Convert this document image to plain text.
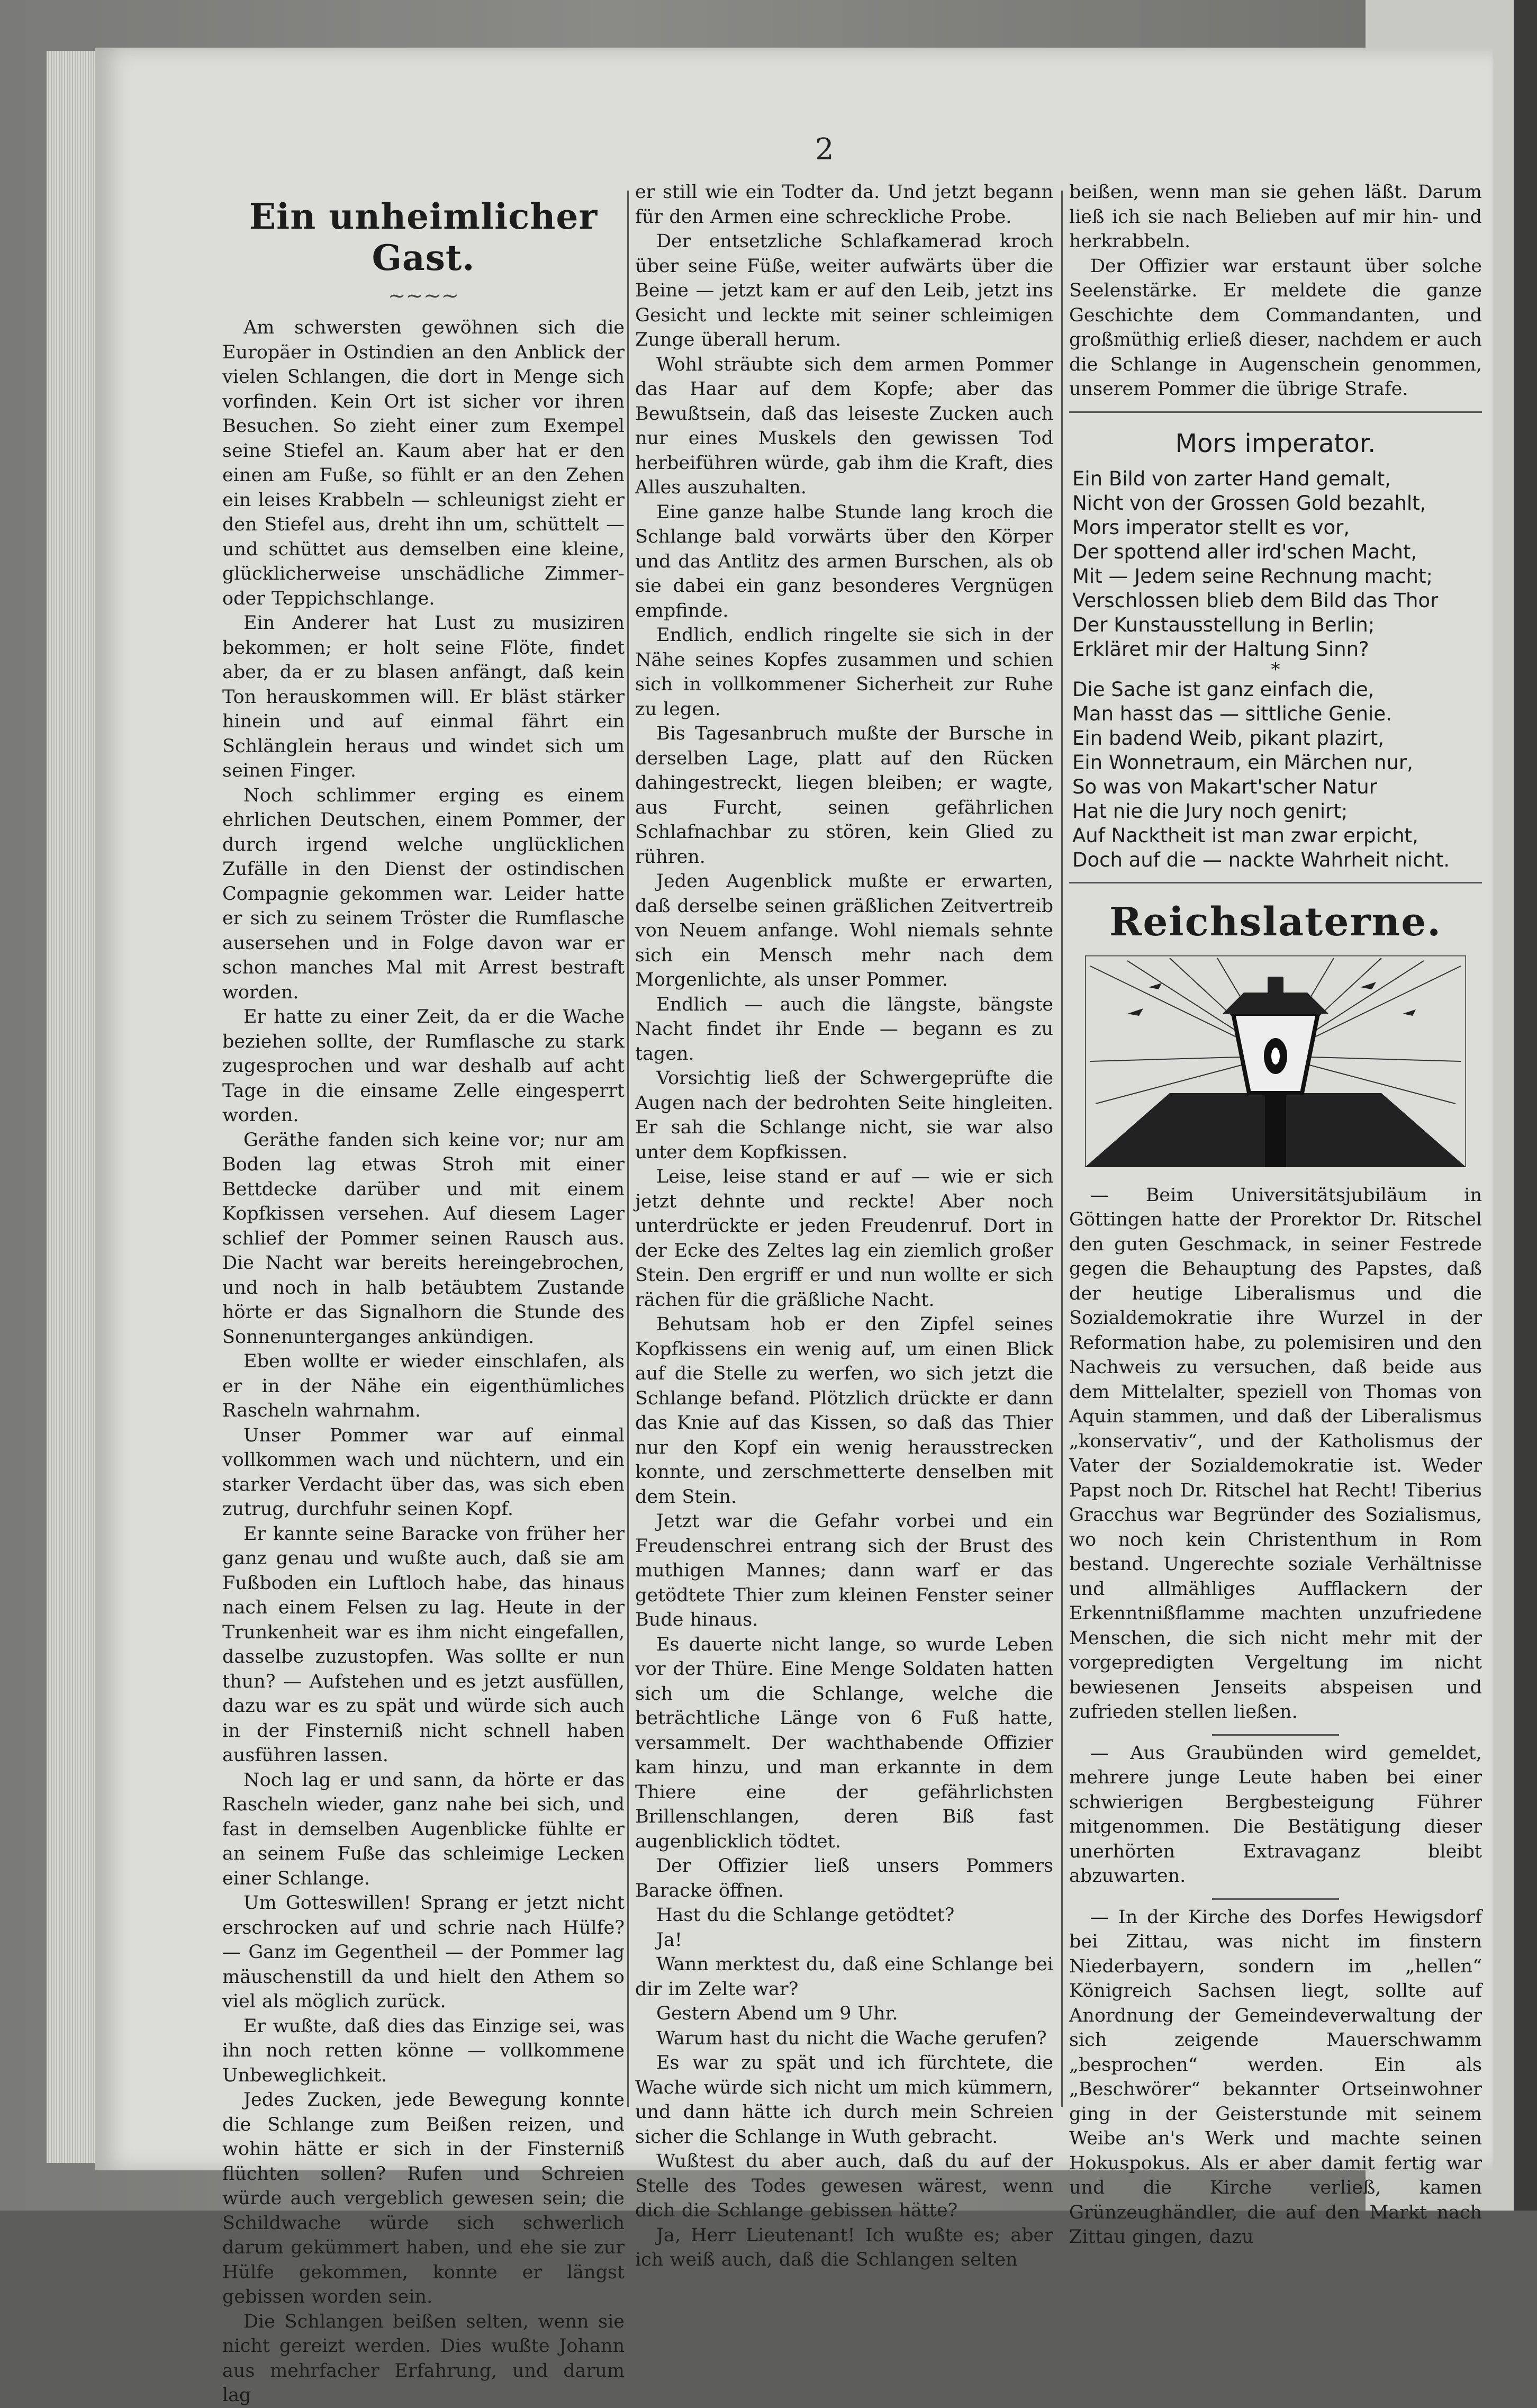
2
Ein unheimlicher Gast.
~~~~

Am schwersten gewöhnen sich die Europäer in Ostindien an den Anblick der vielen Schlangen, die dort in Menge sich vorfinden. Kein Ort ist sicher vor ihren Besuchen. So zieht einer zum Exempel seine Stiefel an. Kaum aber hat er den einen am Fuße, so fühlt er an den Zehen ein leises Krabbeln — schleunigst zieht er den Stiefel aus, dreht ihn um, schüttelt — und schüttet aus demselben eine kleine, glücklicherweise unschädliche Zimmer- oder Teppichschlange.

Ein Anderer hat Lust zu musiziren bekommen; er holt seine Flöte, findet aber, da er zu blasen anfängt, daß kein Ton herauskommen will. Er bläst stärker hinein und auf einmal fährt ein Schlänglein heraus und windet sich um seinen Finger.

Noch schlimmer erging es einem ehrlichen Deutschen, einem Pommer, der durch irgend welche unglücklichen Zufälle in den Dienst der ostindischen Compagnie gekommen war. Leider hatte er sich zu seinem Tröster die Rumflasche ausersehen und in Folge davon war er schon manches Mal mit Arrest bestraft worden.

Er hatte zu einer Zeit, da er die Wache beziehen sollte, der Rumflasche zu stark zugesprochen und war deshalb auf acht Tage in die einsame Zelle eingesperrt worden.

Geräthe fanden sich keine vor; nur am Boden lag etwas Stroh mit einer Bettdecke darüber und mit einem Kopfkissen versehen. Auf diesem Lager schlief der Pommer seinen Rausch aus. Die Nacht war bereits hereingebrochen, und noch in halb betäubtem Zustande hörte er das Signalhorn die Stunde des Sonnenunterganges ankündigen.

Eben wollte er wieder einschlafen, als er in der Nähe ein eigenthümliches Rascheln wahrnahm.

Unser Pommer war auf einmal vollkommen wach und nüchtern, und ein starker Verdacht über das, was sich eben zutrug, durchfuhr seinen Kopf.

Er kannte seine Baracke von früher her ganz genau und wußte auch, daß sie am Fußboden ein Luftloch habe, das hinaus nach einem Felsen zu lag. Heute in der Trunkenheit war es ihm nicht eingefallen, dasselbe zuzustopfen. Was sollte er nun thun? — Aufstehen und es jetzt ausfüllen, dazu war es zu spät und würde sich auch in der Finsterniß nicht schnell haben ausführen lassen.

Noch lag er und sann, da hörte er das Rascheln wieder, ganz nahe bei sich, und fast in demselben Augenblicke fühlte er an seinem Fuße das schleimige Lecken einer Schlange.

Um Gotteswillen! Sprang er jetzt nicht erschrocken auf und schrie nach Hülfe? — Ganz im Gegentheil — der Pommer lag mäuschenstill da und hielt den Athem so viel als möglich zurück.

Er wußte, daß dies das Einzige sei, was ihn noch retten könne — vollkommene Unbeweglichkeit.

Jedes Zucken, jede Bewegung konnte die Schlange zum Beißen reizen, und wohin hätte er sich in der Finsterniß flüchten sollen? Rufen und Schreien würde auch vergeblich gewesen sein; die Schildwache würde sich schwerlich darum gekümmert haben, und ehe sie zur Hülfe gekommen, konnte er längst gebissen worden sein.

Die Schlangen beißen selten, wenn sie nicht gereizt werden. Dies wußte Johann aus mehrfacher Erfahrung, und darum lag

er still wie ein Todter da. Und jetzt begann für den Armen eine schreckliche Probe.

Der entsetzliche Schlafkamerad kroch über seine Füße, weiter aufwärts über die Beine — jetzt kam er auf den Leib, jetzt ins Gesicht und leckte mit seiner schleimigen Zunge überall herum.

Wohl sträubte sich dem armen Pommer das Haar auf dem Kopfe; aber das Bewußtsein, daß das leiseste Zucken auch nur eines Muskels den gewissen Tod herbeiführen würde, gab ihm die Kraft, dies Alles auszuhalten.

Eine ganze halbe Stunde lang kroch die Schlange bald vorwärts über den Körper und das Antlitz des armen Burschen, als ob sie dabei ein ganz besonderes Vergnügen empfinde.

Endlich, endlich ringelte sie sich in der Nähe seines Kopfes zusammen und schien sich in vollkommener Sicherheit zur Ruhe zu legen.

Bis Tagesanbruch mußte der Bursche in derselben Lage, platt auf den Rücken dahingestreckt, liegen bleiben; er wagte, aus Furcht, seinen gefährlichen Schlafnachbar zu stören, kein Glied zu rühren.

Jeden Augenblick mußte er erwarten, daß derselbe seinen gräßlichen Zeitvertreib von Neuem anfange. Wohl niemals sehnte sich ein Mensch mehr nach dem Morgenlichte, als unser Pommer.

Endlich — auch die längste, bängste Nacht findet ihr Ende — begann es zu tagen.

Vorsichtig ließ der Schwergeprüfte die Augen nach der bedrohten Seite hingleiten. Er sah die Schlange nicht, sie war also unter dem Kopfkissen.

Leise, leise stand er auf — wie er sich jetzt dehnte und reckte! Aber noch unterdrückte er jeden Freudenruf. Dort in der Ecke des Zeltes lag ein ziemlich großer Stein. Den ergriff er und nun wollte er sich rächen für die gräßliche Nacht.

Behutsam hob er den Zipfel seines Kopfkissens ein wenig auf, um einen Blick auf die Stelle zu werfen, wo sich jetzt die Schlange befand. Plötzlich drückte er dann das Knie auf das Kissen, so daß das Thier nur den Kopf ein wenig herausstrecken konnte, und zerschmetterte denselben mit dem Stein.

Jetzt war die Gefahr vorbei und ein Freudenschrei entrang sich der Brust des muthigen Mannes; dann warf er das getödtete Thier zum kleinen Fenster seiner Bude hinaus.

Es dauerte nicht lange, so wurde Leben vor der Thüre. Eine Menge Soldaten hatten sich um die Schlange, welche die beträchtliche Länge von 6 Fuß hatte, versammelt. Der wachthabende Offizier kam hinzu, und man erkannte in dem Thiere eine der gefährlichsten Brillenschlangen, deren Biß fast augenblicklich tödtet.

Der Offizier ließ unsers Pommers Baracke öffnen.

Hast du die Schlange getödtet?

Ja!

Wann merktest du, daß eine Schlange bei dir im Zelte war?

Gestern Abend um 9 Uhr.

Warum hast du nicht die Wache gerufen?

Es war zu spät und ich fürchtete, die Wache würde sich nicht um mich kümmern, und dann hätte ich durch mein Schreien sicher die Schlange in Wuth gebracht.

Wußtest du aber auch, daß du auf der Stelle des Todes gewesen wärest, wenn dich die Schlange gebissen hätte?

Ja, Herr Lieutenant! Ich wußte es; aber ich weiß auch, daß die Schlangen selten

beißen, wenn man sie gehen läßt. Darum ließ ich sie nach Belieben auf mir hin- und herkrabbeln.

Der Offizier war erstaunt über solche Seelenstärke. Er meldete die ganze Geschichte dem Commandanten, und großmüthig erließ dieser, nachdem er auch die Schlange in Augenschein genommen, unserem Pommer die übrige Strafe.

Mors imperator.

Ein Bild von zarter Hand gemalt,

Nicht von der Grossen Gold bezahlt,

Mors imperator stellt es vor,

Der spottend aller ird'schen Macht,

Mit — Jedem seine Rechnung macht;

Verschlossen blieb dem Bild das Thor

Der Kunstausstellung in Berlin;

Erkläret mir der Haltung Sinn?

*

Die Sache ist ganz einfach die,

Man hasst das — sittliche Genie.

Ein badend Weib, pikant plazirt,

Ein Wonnetraum, ein Märchen nur,

So was von Makart'scher Natur

Hat nie die Jury noch genirt;

Auf Nacktheit ist man zwar erpicht,

Doch auf die — nackte Wahrheit nicht.

Reichslaterne.

— Beim Universitätsjubiläum in Göttingen hatte der Prorektor Dr. Ritschel den guten Geschmack, in seiner Festrede gegen die Behauptung des Papstes, daß der heutige Liberalismus und die Sozialdemokratie ihre Wurzel in der Reformation habe, zu polemisiren und den Nachweis zu versuchen, daß beide aus dem Mittelalter, speziell von Thomas von Aquin stammen, und daß der Liberalismus „konservativ“, und der Katholismus der Vater der Sozialdemokratie ist. Weder Papst noch Dr. Ritschel hat Recht! Tiberius Gracchus war Begründer des Sozialismus, wo noch kein Christenthum in Rom bestand. Ungerechte soziale Verhältnisse und allmähliges Aufflackern der Erkenntnißflamme machten unzufriedene Menschen, die sich nicht mehr mit der vorgepredigten Vergeltung im nicht bewiesenen Jenseits abspeisen und zufrieden stellen ließen.

— Aus Graubünden wird gemeldet, mehrere junge Leute haben bei einer schwierigen Bergbesteigung Führer mitgenommen. Die Bestätigung dieser unerhörten Extravaganz bleibt abzuwarten.

— In der Kirche des Dorfes Hewigsdorf bei Zittau, was nicht im finstern Niederbayern, sondern im „hellen“ Königreich Sachsen liegt, sollte auf Anordnung der Gemeindeverwaltung der sich zeigende Mauerschwamm „besprochen“ werden. Ein als „Beschwörer“ bekannter Ortseinwohner ging in der Geisterstunde mit seinem Weibe an's Werk und machte seinen Hokuspokus. Als er aber damit fertig war und die Kirche verließ, kamen Grünzeughändler, die auf den Markt nach Zittau gingen, dazu
